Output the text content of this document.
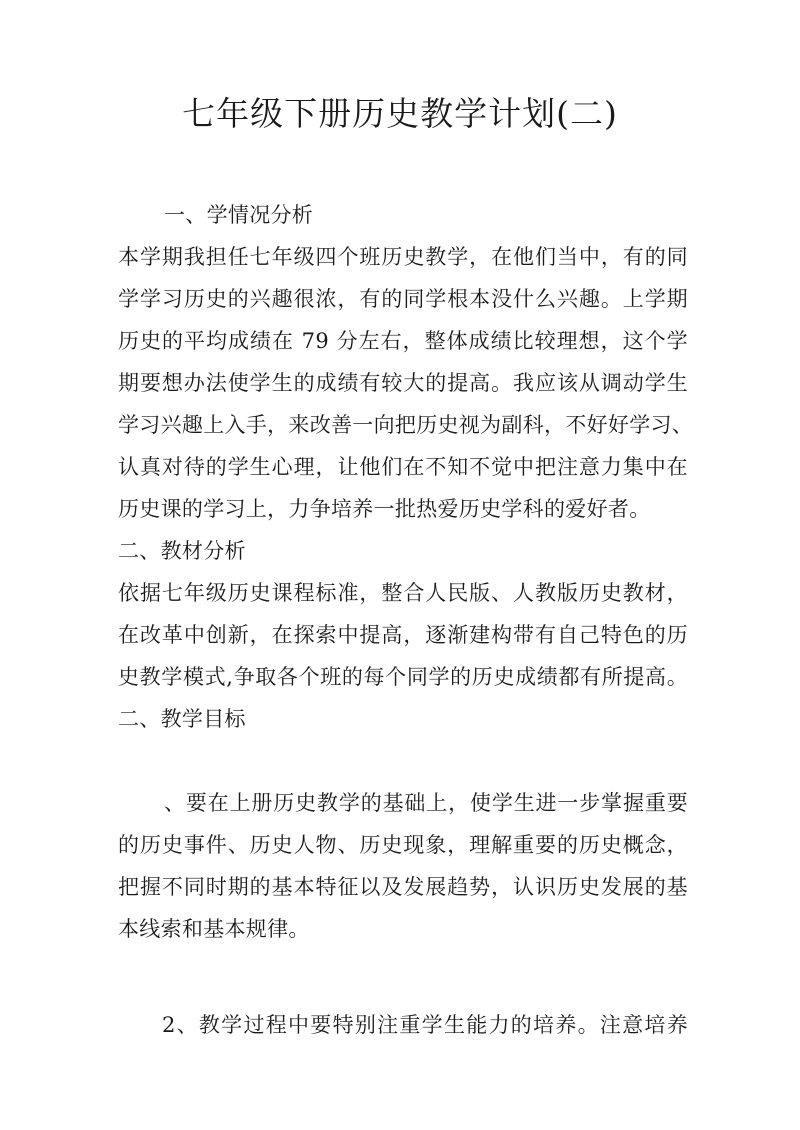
七年级下册历史教学计划(二)
一、学情况分析
本学期我担任七年级四个班历史教学，在他们当中，有的同
学学习历史的兴趣很浓，有的同学根本没什么兴趣。上学期
历史的平均成绩在 79 分左右，整体成绩比较理想，这个学
期要想办法使学生的成绩有较大的提高。我应该从调动学生
学习兴趣上入手，来改善一向把历史视为副科，不好好学习、
认真对待的学生心理，让他们在不知不觉中把注意力集中在
历史课的学习上，力争培养一批热爱历史学科的爱好者。
二、教材分析
依据七年级历史课程标准，整合人民版、人教版历史教材，
在改革中创新，在探索中提高，逐渐建构带有自己特色的历
史教学模式,争取各个班的每个同学的历史成绩都有所提高。
二、教学目标
、要在上册历史教学的基础上，使学生进一步掌握重要
的历史事件、历史人物、历史现象，理解重要的历史概念，
把握不同时期的基本特征以及发展趋势，认识历史发展的基
本线索和基本规律。
2、教学过程中要特别注重学生能力的培养。注意培养
